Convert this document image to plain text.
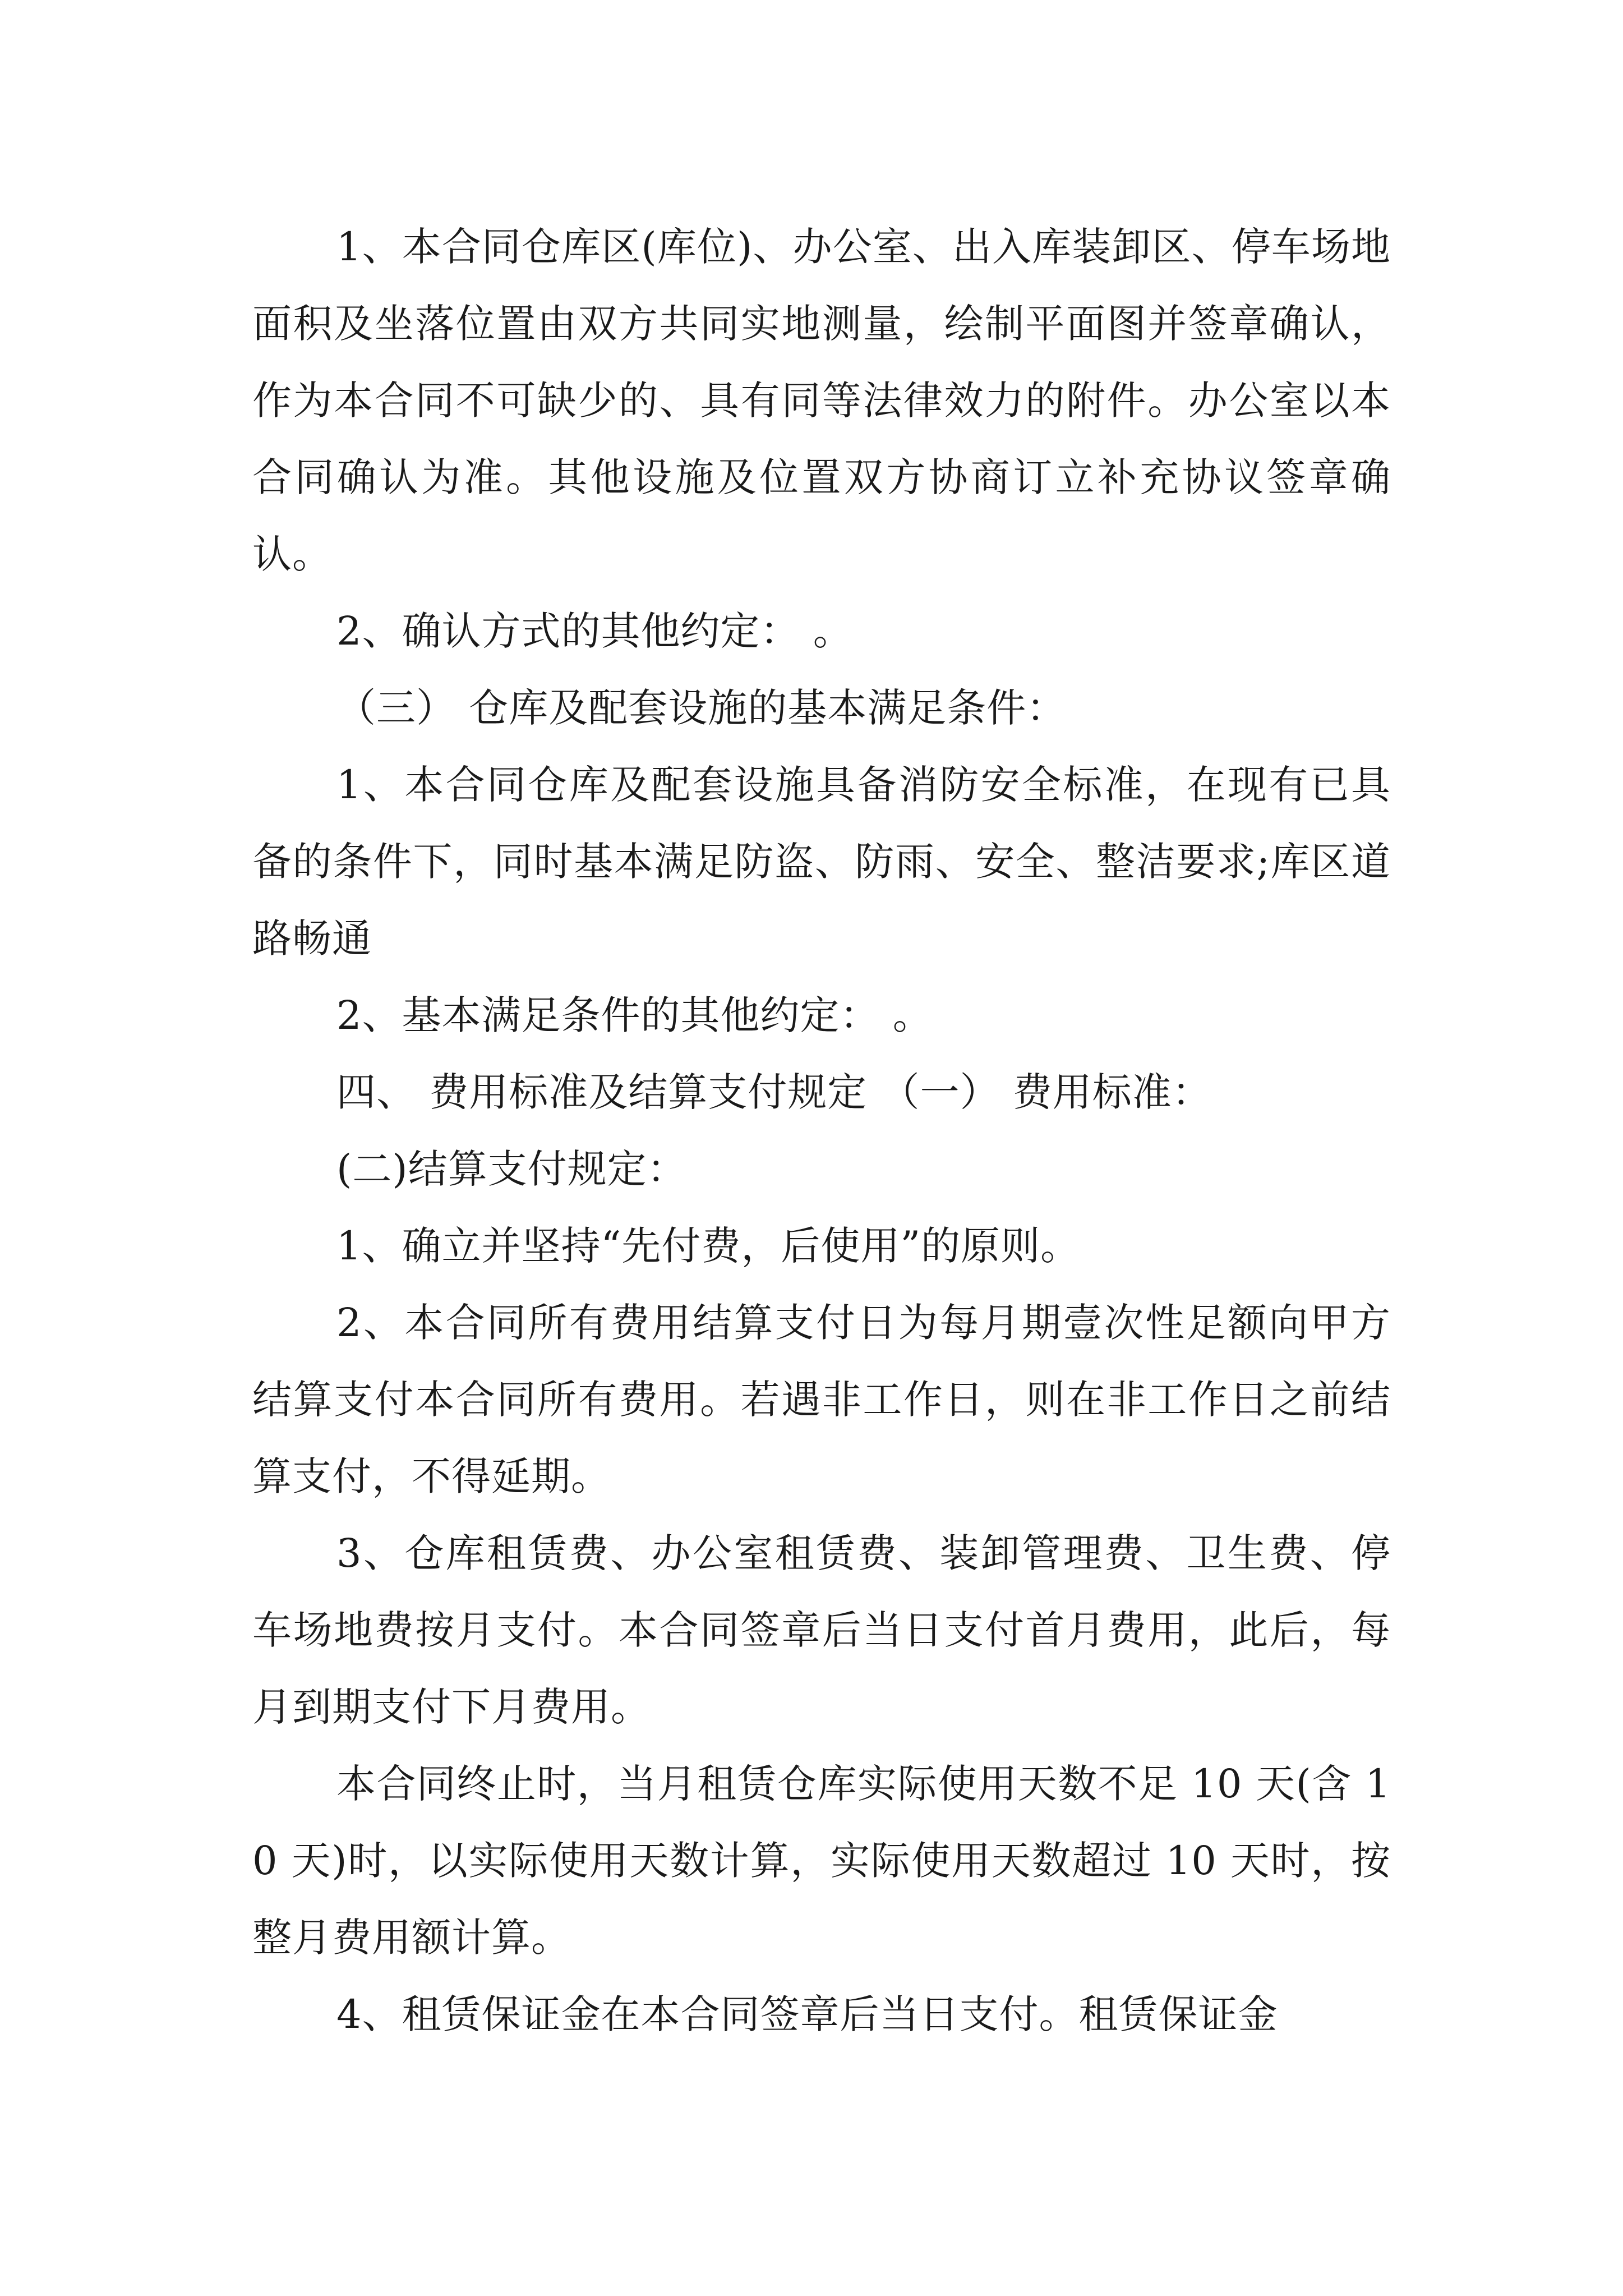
1、本合同仓库区(库位)、办公室、出入库装卸区、停车场地面积及坐落位置由双方共同实地测量，绘制平面图并签章确认，作为本合同不可缺少的、具有同等法律效力的附件。办公室以本合同确认为准。其他设施及位置双方协商订立补充协议签章确认。

2、确认方式的其他约定： 。

（三） 仓库及配套设施的基本满足条件：

1、本合同仓库及配套设施具备消防安全标准，在现有已具备的条件下，同时基本满足防盗、防雨、安全、整洁要求;库区道路畅通

2、基本满足条件的其他约定： 。

四、 费用标准及结算支付规定 （一） 费用标准：

(二)结算支付规定：

1、确立并坚持“先付费，后使用”的原则。

2、本合同所有费用结算支付日为每月期壹次性足额向甲方结算支付本合同所有费用。若遇非工作日，则在非工作日之前结算支付，不得延期。

3、仓库租赁费、办公室租赁费、装卸管理费、卫生费、停车场地费按月支付。本合同签章后当日支付首月费用，此后，每月到期支付下月费用。

本合同终止时，当月租赁仓库实际使用天数不足 10 天(含 10 天)时，以实际使用天数计算，实际使用天数超过 10 天时，按整月费用额计算。

4、租赁保证金在本合同签章后当日支付。租赁保证金
